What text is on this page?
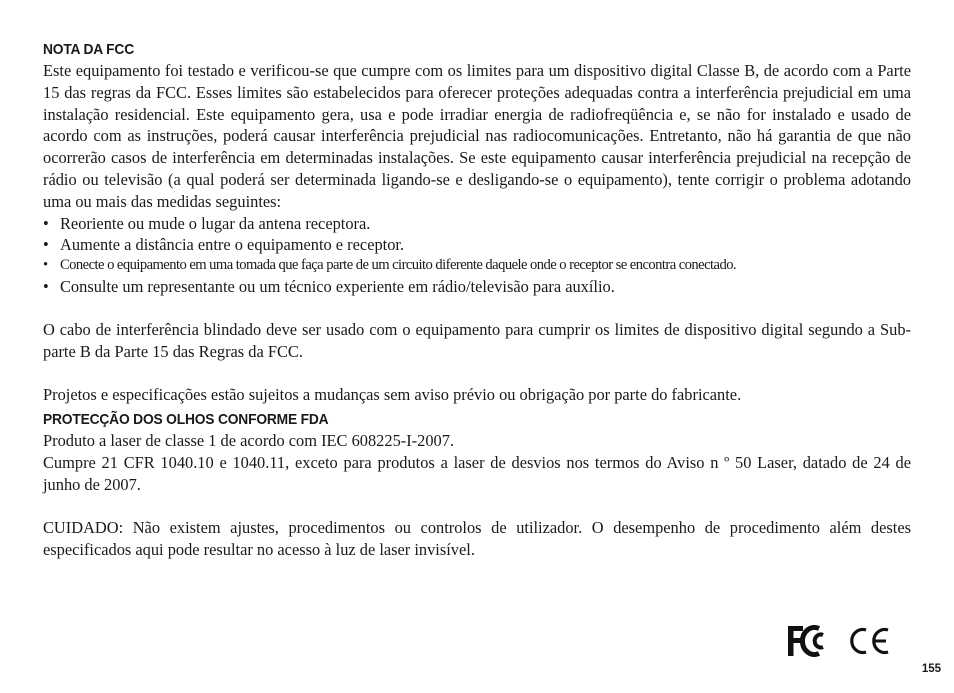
NOTA DA FCC

Este equipamento foi testado e verificou-se que cumpre com os limites para um dispositivo digital Classe B, de acordo com a Parte 15 das regras da FCC. Esses limites são estabelecidos para oferecer proteções adequadas contra a interferência prejudicial em uma instalação residencial. Este equipamento gera, usa e pode irradiar energia de radiofreqüência e, se não for instalado e usado de acordo com as instruções, poderá causar interferência prejudicial nas radiocomunicações. Entretanto, não há garantia de que não ocorrerão casos de interferência em determinadas instalações. Se este equipamento causar interferência prejudicial na recepção de rádio ou televisão (a qual poderá ser determinada ligando-se e desligando-se o equipamento), tente corrigir o problema adotando uma ou mais das medidas seguintes:

• Reoriente ou mude o lugar da antena receptora.
• Aumente a distância entre o equipamento e receptor.
• Conecte o equipamento em uma tomada que faça parte de um circuito diferente daquele onde o receptor se encontra conectado.
• Consulte um representante ou um técnico experiente em rádio/televisão para auxílio.

O cabo de interferência blindado deve ser usado com o equipamento para cumprir os limites de dispositivo digital segundo a Sub-parte B da Parte 15 das Regras da FCC.

Projetos e especificações estão sujeitos a mudanças sem aviso prévio ou obrigação por parte do fabricante.

PROTECÇÃO DOS OLHOS CONFORME FDA

Produto a laser de classe 1 de acordo com IEC 608225-I-2007.

Cumpre 21 CFR 1040.10 e 1040.11, exceto para produtos a laser de desvios nos termos do Aviso n º 50 Laser, datado de 24 de junho de 2007.

CUIDADO: Não existem ajustes, procedimentos ou controlos de utilizador. O desempenho de procedimento além destes especificados aqui pode resultar no acesso à luz de laser invisível.

155
